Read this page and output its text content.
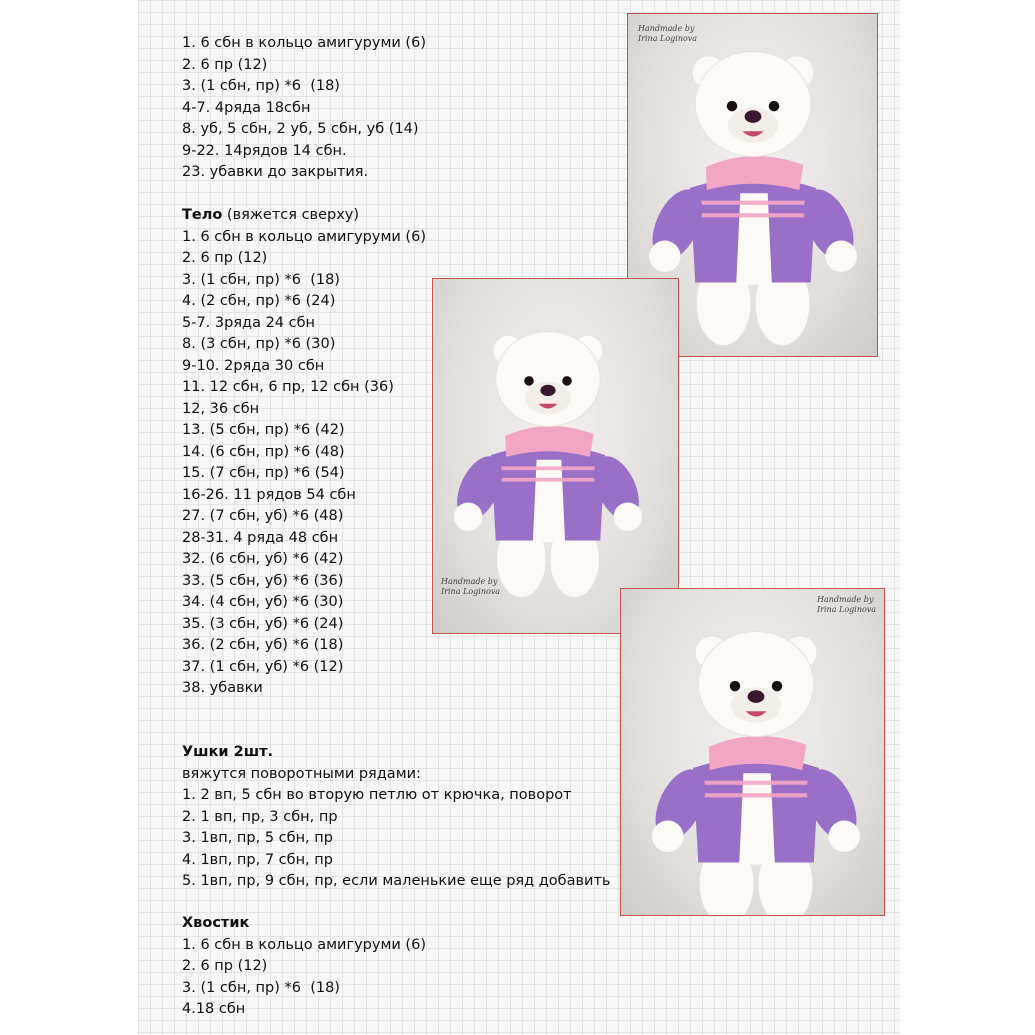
1. 6 сбн в кольцо амигуруми (6)
2. 6 пр (12)
3. (1 сбн, пр) *6  (18)
4-7. 4ряда 18сбн
8. уб, 5 сбн, 2 уб, 5 сбн, уб (14)
9-22. 14рядов 14 сбн.
23. убавки до закрытия.
Тело (вяжется сверху)
1. 6 сбн в кольцо амигуруми (6)
2. 6 пр (12)
3. (1 сбн, пр) *6  (18)
4. (2 сбн, пр) *6 (24)
5-7. 3ряда 24 сбн
8. (3 сбн, пр) *6 (30)
9-10. 2ряда 30 сбн
11. 12 сбн, 6 пр, 12 сбн (36)
12, 36 сбн
13. (5 сбн, пр) *6 (42)
14. (6 сбн, пр) *6 (48)
15. (7 сбн, пр) *6 (54)
16-26. 11 рядов 54 сбн
27. (7 сбн, уб) *6 (48)
28-31. 4 ряда 48 сбн
32. (6 сбн, уб) *6 (42)
33. (5 сбн, уб) *6 (36)
34. (4 сбн, уб) *6 (30)
35. (3 сбн, уб) *6 (24)
36. (2 сбн, уб) *6 (18)
37. (1 сбн, уб) *6 (12)
38. убавки
Ушки 2шт.
вяжутся поворотными рядами:
1. 2 вп, 5 сбн во вторую петлю от крючка, поворот
2. 1 вп, пр, 3 сбн, пр
3. 1вп, пр, 5 сбн, пр
4. 1вп, пр, 7 сбн, пр
5. 1вп, пр, 9 сбн, пр, если маленькие еще ряд добавить
Хвостик
1. 6 сбн в кольцо амигуруми (6)
2. 6 пр (12)
3. (1 сбн, пр) *6  (18)
4.18 сбн
Handmade by
Irina Loginova
Handmade by
Irina Loginova
Handmade by
Irina Loginova
